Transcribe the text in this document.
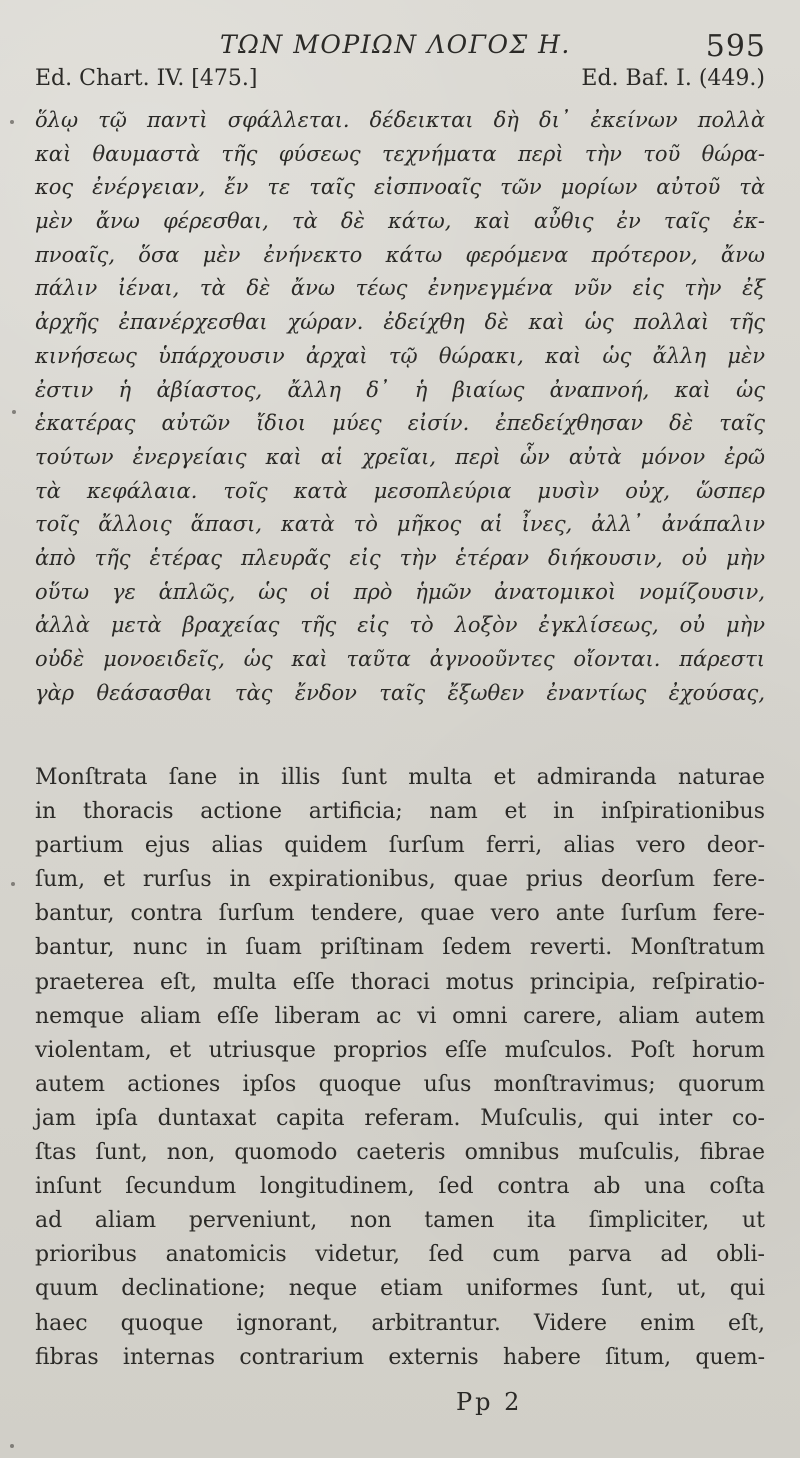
ΤΩΝ ΜΟΡΙΩΝ ΛΟΓΟΣ Η.	595
Ed. Chart. IV. [475.]	Ed. Baf. I. (449.)
ὅλῳ τῷ παντὶ σφάλλεται. δέδεικται δὴ δι᾽ ἐκείνων πολλὰ
καὶ θαυμαστὰ τῆς φύσεως τεχνήματα περὶ τὴν τοῦ θώρα-
κος ἐνέργειαν, ἔν τε ταῖς εἰσπνοαῖς τῶν μορίων αὐτοῦ τὰ
μὲν ἄνω φέρεσθαι, τὰ δὲ κάτω, καὶ αὖθις ἐν ταῖς ἐκ-
πνοαῖς, ὅσα μὲν ἐνήνεκτο κάτω φερόμενα πρότερον, ἄνω
πάλιν ἰέναι, τὰ δὲ ἄνω τέως ἐνηνεγμένα νῦν εἰς τὴν ἐξ
ἀρχῆς ἐπανέρχεσθαι χώραν. ἐδείχθη δὲ καὶ ὡς πολλαὶ τῆς
κινήσεως ὑπάρχουσιν ἀρχαὶ τῷ θώρακι, καὶ ὡς ἄλλη μὲν
ἐστιν ἡ ἀβίαστος, ἄλλη δ᾽ ἡ βιαίως ἀναπνοή, καὶ ὡς
ἑκατέρας αὐτῶν ἴδιοι μύες εἰσίν. ἐπεδείχθησαν δὲ ταῖς
τούτων ἐνεργείαις καὶ αἱ χρεῖαι, περὶ ὧν αὐτὰ μόνον ἐρῶ
τὰ κεφάλαια. τοῖς κατὰ μεσοπλεύρια μυσὶν οὐχ, ὥσπερ
τοῖς ἄλλοις ἅπασι, κατὰ τὸ μῆκος αἱ ἶνες, ἀλλ᾽ ἀνάπαλιν
ἀπὸ τῆς ἑτέρας πλευρᾶς εἰς τὴν ἑτέραν διήκουσιν, οὐ μὴν
οὕτω γε ἁπλῶς, ὡς οἱ πρὸ ἡμῶν ἀνατομικοὶ νομίζουσιν,
ἀλλὰ μετὰ βραχείας τῆς εἰς τὸ λοξὸν ἐγκλίσεως, οὐ μὴν
οὐδὲ μονοειδεῖς, ὡς καὶ ταῦτα ἀγνοοῦντες οἴονται. πάρεστι
γὰρ θεάσασθαι τὰς ἔνδον ταῖς ἔξωθεν ἐναντίως ἐχούσας,
Monſtrata ſane in illis ſunt multa et admiranda naturae
in thoracis actione artificia; nam et in inſpirationibus
partium ejus alias quidem ſurſum ferri, alias vero deor-
ſum, et rurſus in expirationibus, quae prius deorſum fere-
bantur, contra ſurſum tendere, quae vero ante ſurſum fere-
bantur, nunc in ſuam priſtinam ſedem reverti. Monſtratum
praeterea eſt, multa eſſe thoraci motus principia, reſpiratio-
nemque aliam eſſe liberam ac vi omni carere, aliam autem
violentam, et utriusque proprios eſſe muſculos. Poſt horum
autem actiones ipſos quoque uſus monſtravimus; quorum
jam ipſa duntaxat capita referam. Muſculis, qui inter co-
ſtas ſunt, non, quomodo caeteris omnibus muſculis, fibrae
inſunt ſecundum longitudinem, ſed contra ab una coſta
ad aliam perveniunt, non tamen ita ſimpliciter, ut
prioribus anatomicis videtur, ſed cum parva ad obli-
quum declinatione; neque etiam uniformes ſunt, ut, qui
haec quoque ignorant, arbitrantur. Videre enim eſt,
fibras internas contrarium externis habere ſitum, quem-
Pp 2
